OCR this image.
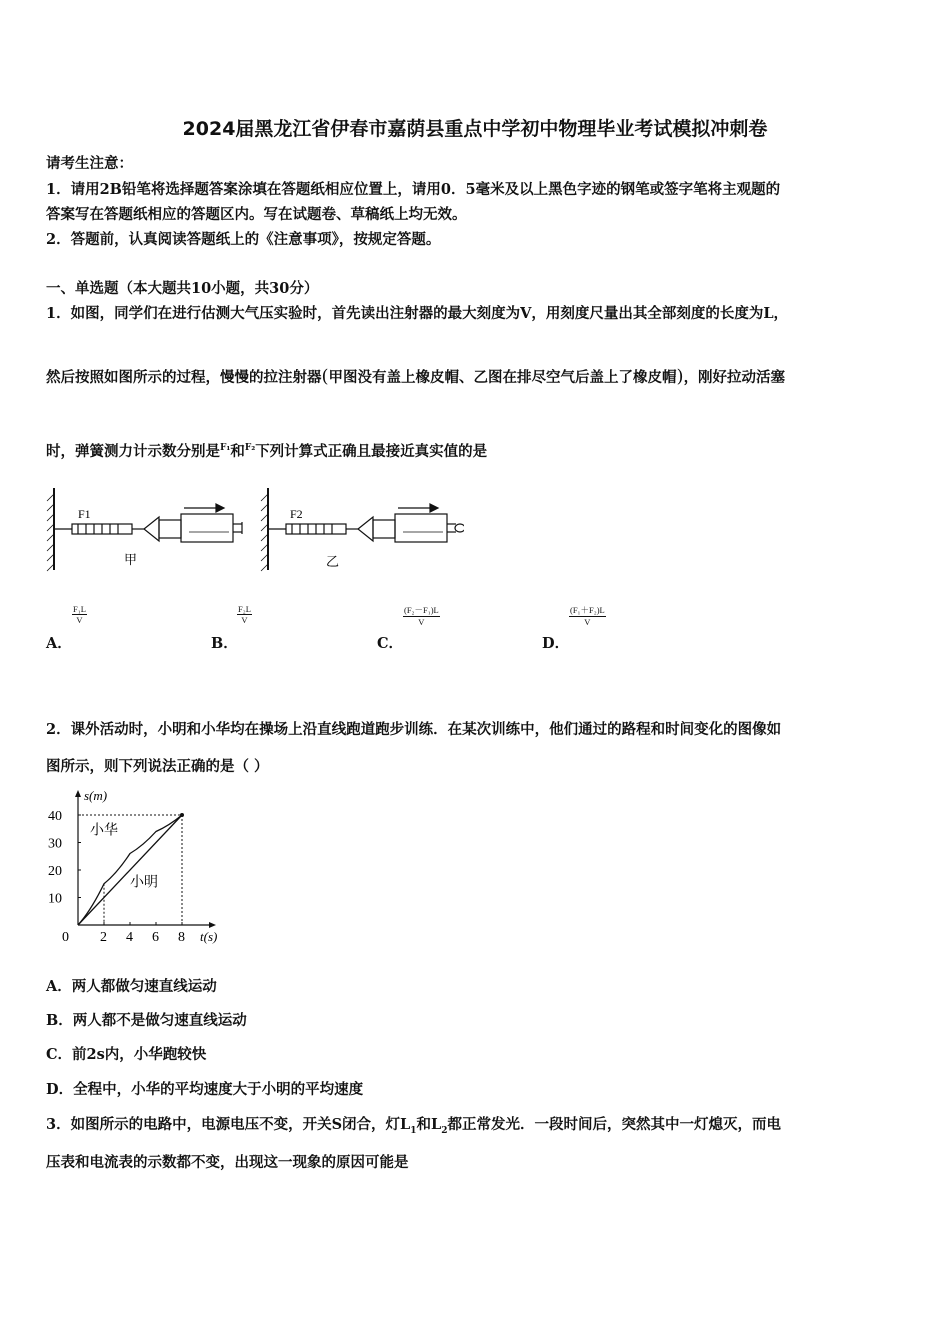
2024届黑龙江省伊春市嘉荫县重点中学初中物理毕业考试模拟冲刺卷
请考生注意：
1．请用2B铅笔将选择题答案涂填在答题纸相应位置上，请用0．5毫米及以上黑色字迹的钢笔或签字笔将主观题的
答案写在答题纸相应的答题区内。写在试题卷、草稿纸上均无效。
2．答题前，认真阅读答题纸上的《注意事项》，按规定答题。
一、单选题（本大题共10小题，共30分）
1．如图，同学们在进行估测大气压实验时，首先读出注射器的最大刻度为V，用刻度尺量出其全部刻度的长度为L，
然后按照如图所示的过程，慢慢的拉注射器(甲图没有盖上橡皮帽、乙图在排尽空气后盖上了橡皮帽)，刚好拉动活塞
时，弹簧测力计示数分别是$^{F_1}$和$^{F_2}$下列计算式正确且最接近真实值的是
F1
甲
F2
乙
A．
$\frac{\text{F₁L}}{V}$
B．
$\frac{\text{F₂L}}{V}$
C．
$\frac{\text{(F₂－F₁)L}}{V}$
D．
$\frac{\text{(F₁＋F₂)L}}{V}$
2．课外活动时，小明和小华均在操场上沿直线跑道跑步训练．在某次训练中，他们通过的路程和时间变化的图像如
图所示，则下列说法正确的是（ ）
0 2 4 6 8
10
20
30
40
s(m)
t(s)
小华
小明
A．两人都做匀速直线运动
B．两人都不是做匀速直线运动
C．前2s内，小华跑较快
D．全程中，小华的平均速度大于小明的平均速度
3．如图所示的电路中，电源电压不变，开关S闭合，灯$L_1$和$L_2$都正常发光．一段时间后，突然其中一灯熄灭，而电
压表和电流表的示数都不变，出现这一现象的原因可能是
